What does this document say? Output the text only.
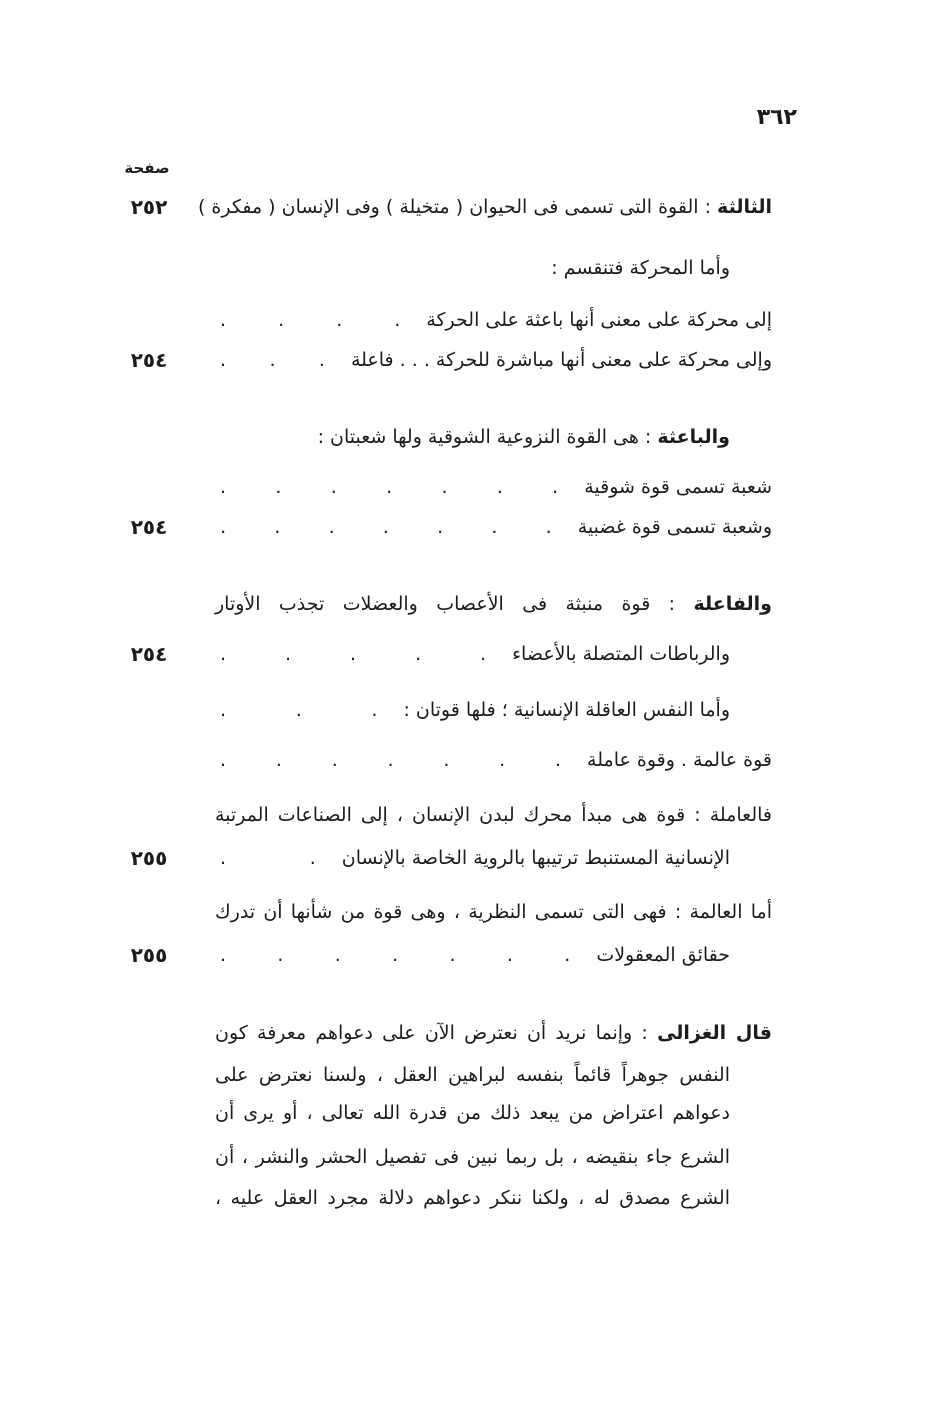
٣٦٢
صفحة
الثالثة : القوة التى تسمى فى الحيوان ( متخيلة ) وفى الإنسان ( مفكرة )
٢٥٢
وأما المحركة فتنقسم :
إلى محركة على معنى أنها باعثة على الحركة
.
.
.
.
وإلى محركة على معنى أنها مباشرة للحركة . . . فاعلة
.
.
.
٢٥٤
والباعثة : هى القوة النزوعية الشوقية ولها شعبتان :
شعبة تسمى قوة شوقية
.
.
.
.
.
.
.
وشعبة تسمى قوة غضبية
.
.
.
.
.
.
.
٢٥٤
والفاعلة : قوة منبثة فى الأعصاب والعضلات تجذب الأوتار
والرباطات المتصلة بالأعضاء
.
.
.
.
.
٢٥٤
وأما النفس العاقلة الإنسانية ؛ فلها قوتان :
.
.
.
قوة عالمة . وقوة عاملة
.
.
.
.
.
.
.
فالعاملة : قوة هى مبدأ محرك لبدن الإنسان ، إلى الصناعات المرتبة
الإنسانية المستنبط ترتيبها بالروية الخاصة بالإنسان
.
.
٢٥٥
أما العالمة : فهى التى تسمى النظرية ، وهى قوة من شأنها أن تدرك
حقائق المعقولات
.
.
.
.
.
.
.
٢٥٥
قال الغزالى : وإنما نريد أن نعترض الآن على دعواهم معرفة كون
النفس جوهراً قائماً بنفسه لبراهين العقل ، ولسنا نعترض على
دعواهم اعتراض من يبعد ذلك من قدرة الله تعالى ، أو يرى أن
الشرع جاء بنقيضه ، بل ربما نبين فى تفصيل الحشر والنشر ، أن
الشرع مصدق له ، ولكنا ننكر دعواهم دلالة مجرد العقل عليه ،
